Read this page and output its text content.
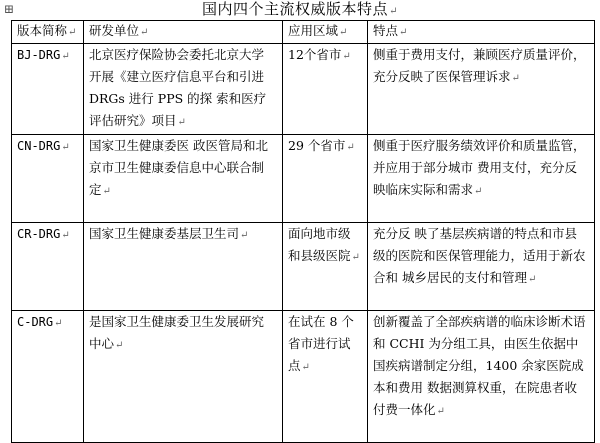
⊞	国内四个主流权威版本特点↵
版本简称↵	研发单位↵	应用区域↵	特点↵
BJ-DRG↵	北京医疗保险协会委托北京大学开展《建立医疗信息平台和引进 DRGs 进行 PPS 的探 索和医疗评估研究》项目↵	12个省市↵	侧重于费用支付，兼顾医疗质量评价，充分反映了医保管理诉求↵
CN-DRG↵	国家卫生健康委医 政医管局和北京市卫生健康委信息中心联合制定↵	29 个省市↵	侧重于医疗服务绩效评价和质量监管，并应用于部分城市 费用支付，充分反映临床实际和需求↵
CR-DRG↵	国家卫生健康委基层卫生司↵	面向地市级和县级医院↵	充分反 映了基层疾病谱的特点和市县级的医院和医保管理能力，适用于新农合和 城乡居民的支付和管理↵
C-DRG↵	是国家卫生健康委卫生发展研究中心↵	在试在 8 个省市进行试点↵	创新覆盖了全部疾病谱的临床诊断术语和 CCHI 为分组工具，由医生依据中国疾病谱制定分组，1400 余家医院成本和费用 数据测算权重，在院患者收付费一体化↵
